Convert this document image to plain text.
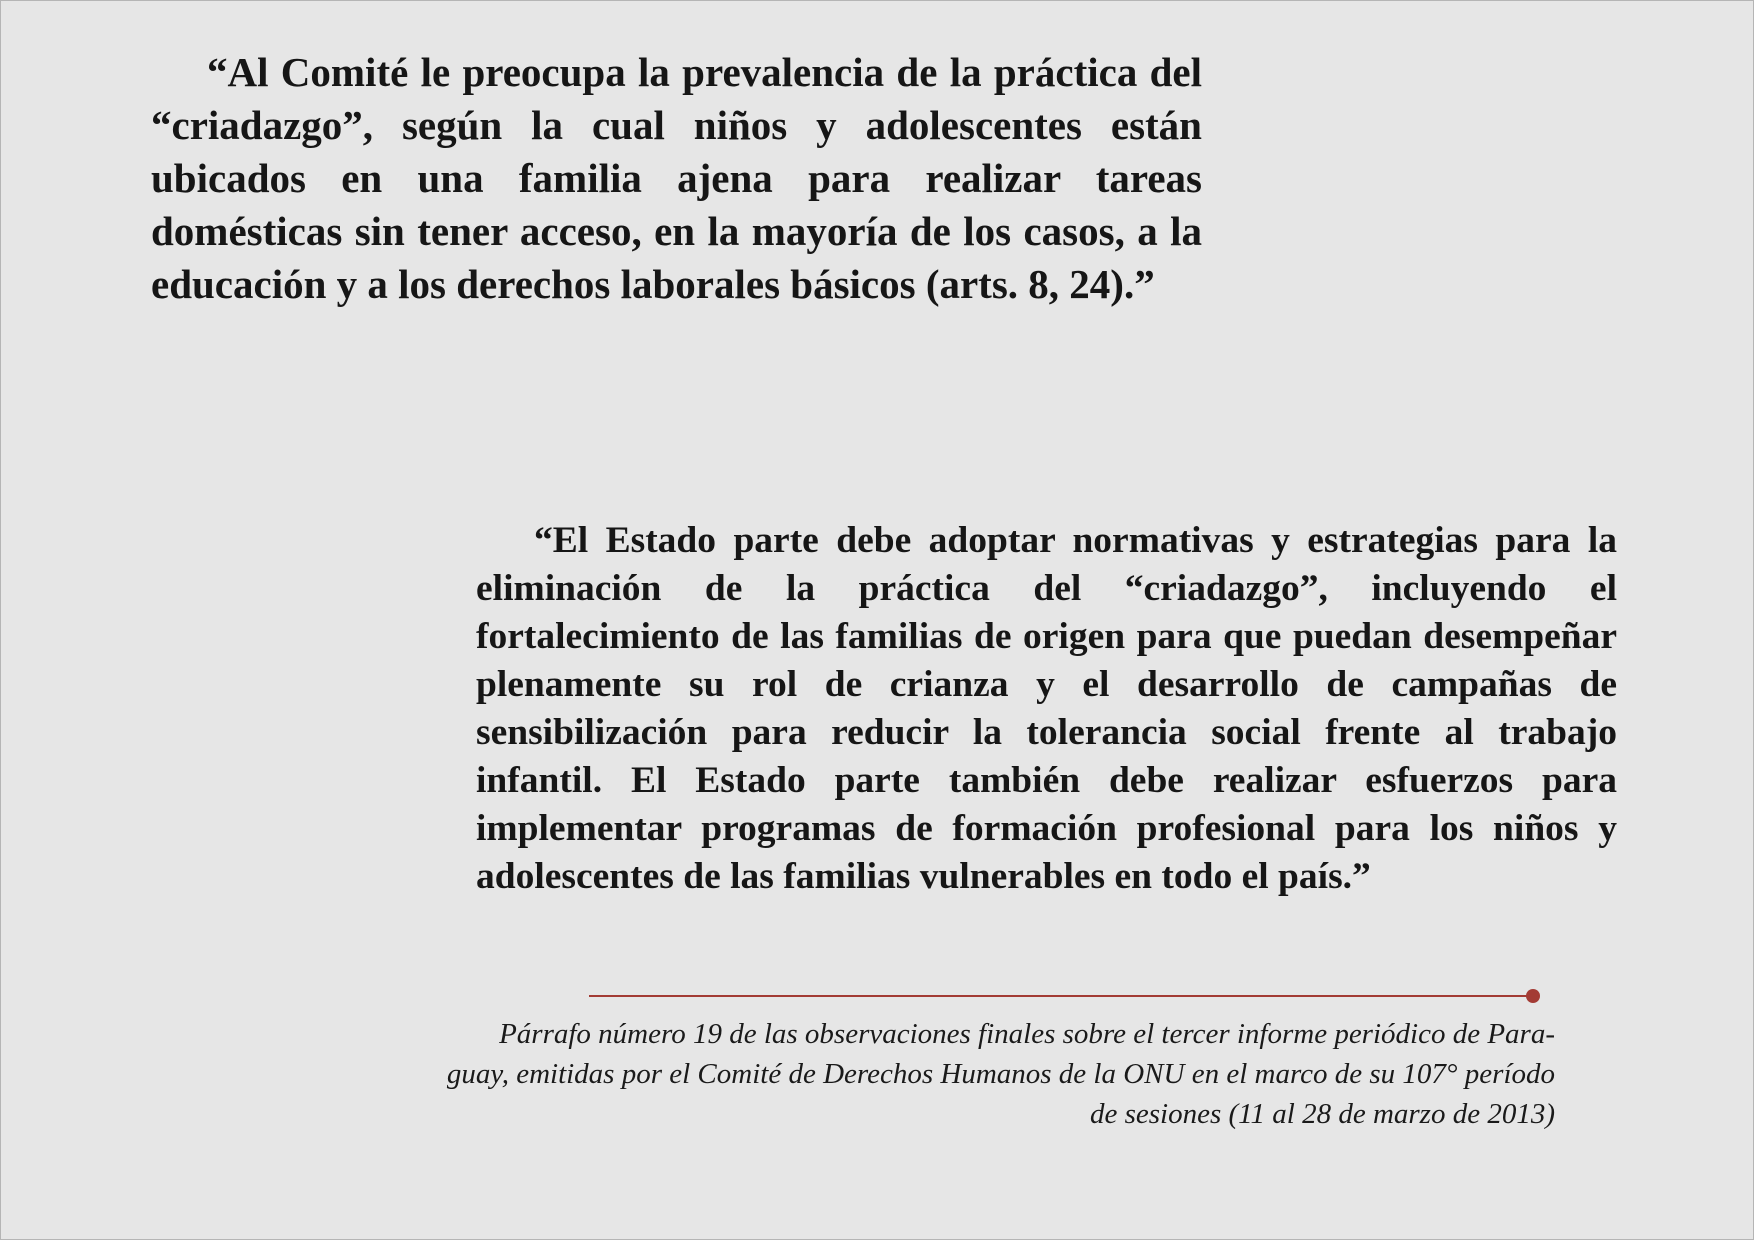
“Al Comité le preocupa la prevalencia de la práctica del “criadazgo”, según la cual niños y adolescentes están ubicados en una familia ajena para realizar tareas domésticas sin tener acceso, en la mayoría de los casos, a la educación y a los derechos laborales básicos (arts. 8, 24).”

“El Estado parte debe adoptar normativas y estrategias para la eliminación de la práctica del “criadazgo”, incluyendo el fortalecimiento de las familias de origen para que puedan desempeñar plenamente su rol de crianza y el desarrollo de campañas de sensibilización para reducir la tolerancia social frente al trabajo infantil. El Estado parte también debe realizar esfuerzos para implementar programas de formación profesional para los niños y adolescentes de las familias vulnerables en todo el país.”

Párrafo número 19 de las observaciones finales sobre el tercer informe periódico de Para-
guay, emitidas por el Comité de Derechos Humanos de la ONU en el marco de su 107° período
de sesiones (11 al 28 de marzo de 2013)
